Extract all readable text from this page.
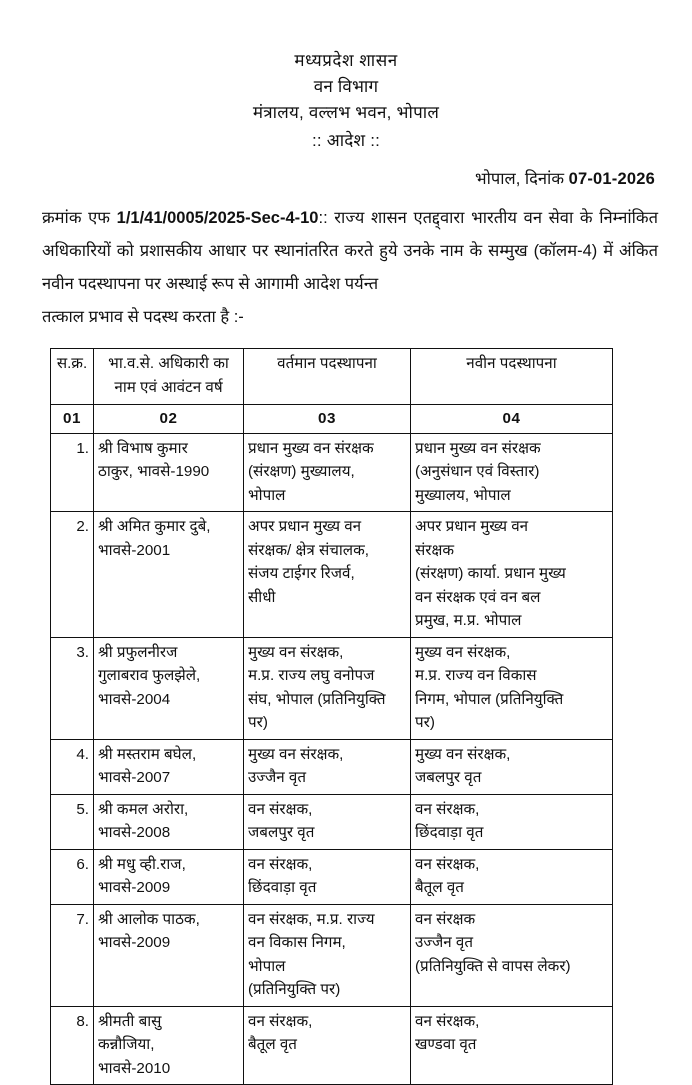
मध्यप्रदेश शासन
वन विभाग
मंत्रालय, वल्लभ भवन, भोपाल
:: आदेश ::
भोपाल, दिनांक 07-01-2026
क्रमांक एफ 1/1/41/0005/2025-Sec-4-10:: राज्य शासन एतद्द्वारा भारतीय वन सेवा के निम्नांकित अधिकारियों को प्रशासकीय आधार पर स्थानांतरित करते हुये उनके नाम के सम्मुख (कॉलम-4) में अंकित नवीन पदस्थापना पर अस्थाई रूप से आगामी आदेश पर्यन्त
तत्काल प्रभाव से पदस्थ करता है :-
स.क्र.	भा.व.से. अधिकारी का नाम एवं आवंटन वर्ष	वर्तमान पदस्थापना	नवीन पदस्थापना
01	02	03	04
1.	श्री विभाष कुमार
ठाकुर, भावसे-1990	प्रधान मुख्य वन संरक्षक
(संरक्षण) मुख्यालय,
भोपाल	प्रधान मुख्य वन संरक्षक
(अनुसंधान एवं विस्तार)
मुख्यालय, भोपाल

2.	श्री अमित कुमार दुबे,
भावसे-2001	अपर प्रधान मुख्य वन
संरक्षक/ क्षेत्र संचालक,
संजय टाईगर रिजर्व,
सीधी	अपर प्रधान मुख्य वन
संरक्षक
(संरक्षण) कार्या. प्रधान मुख्य
वन संरक्षक एवं वन बल
प्रमुख, म.प्र. भोपाल

3.	श्री प्रफुलनीरज
गुलाबराव फुलझेले,
भावसे-2004	मुख्य वन संरक्षक,
म.प्र. राज्य लघु वनोपज
संघ, भोपाल (प्रतिनियुक्ति
पर)	मुख्य वन संरक्षक,
म.प्र. राज्य वन विकास
निगम, भोपाल (प्रतिनियुक्ति
पर)

4.	श्री मस्तराम बघेल,
भावसे-2007	मुख्य वन संरक्षक,
उज्जैन वृत	मुख्य वन संरक्षक,
जबलपुर वृत

5.	श्री कमल अरोरा,
भावसे-2008	वन संरक्षक,
जबलपुर वृत	वन संरक्षक,
छिंदवाड़ा वृत

6.	श्री मधु व्ही.राज,
भावसे-2009	वन संरक्षक,
छिंदवाड़ा वृत	वन संरक्षक,
बैतूल वृत

7.	श्री आलोक पाठक,
भावसे-2009	वन संरक्षक, म.प्र. राज्य
वन विकास निगम,
भोपाल
(प्रतिनियुक्ति पर)	वन संरक्षक
उज्जैन वृत
(प्रतिनियुक्ति से वापस लेकर)

8.	श्रीमती बासु
कन्नौजिया,
भावसे-2010	वन संरक्षक,
बैतूल वृत	वन संरक्षक,
खण्डवा वृत
